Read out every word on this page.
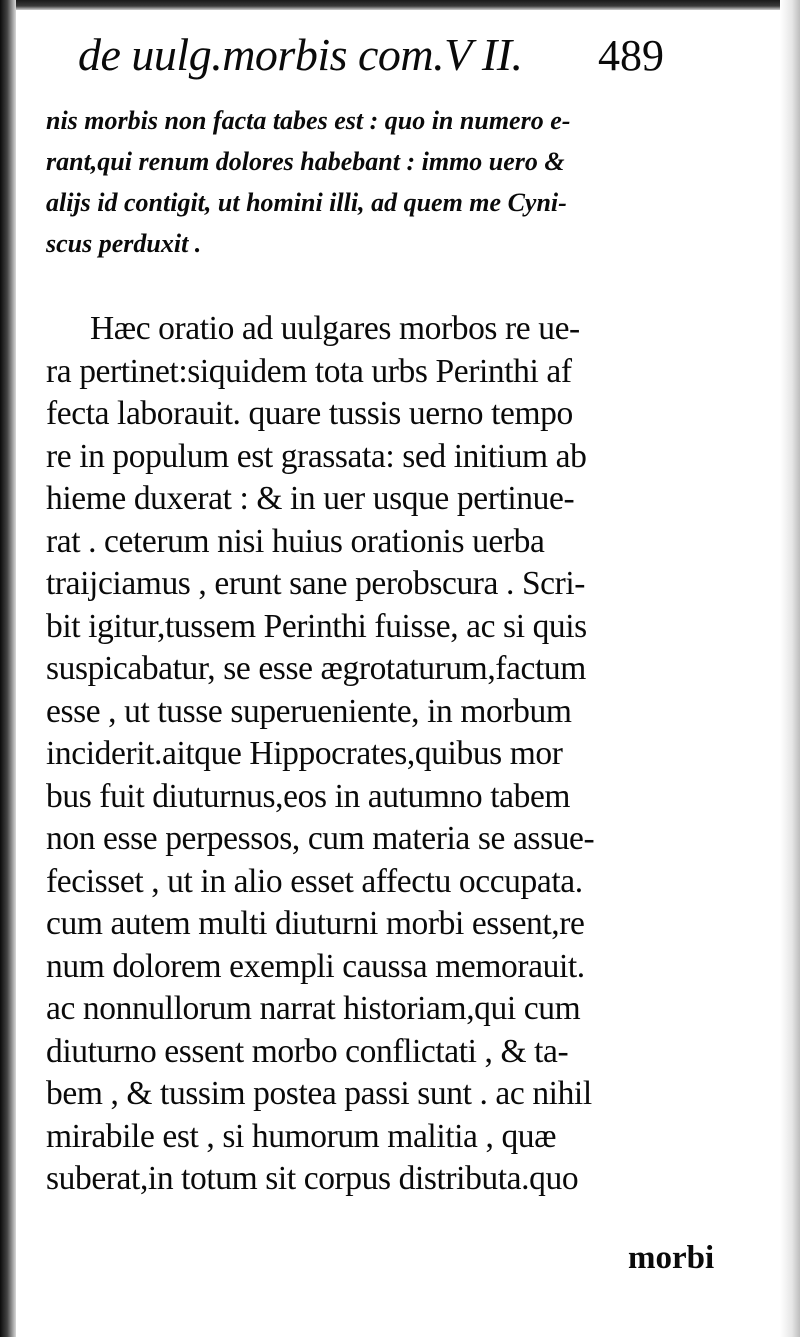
de uulg.morbis com.V II. 489
nis morbis non facta tabes est : quo in numero e-
rant,qui renum dolores habebant : immo uero &
alijs id contigit, ut homini illi, ad quem me Cyni-
scus perduxit .
Hæc oratio ad uulgares morbos re ue-
ra pertinet:siquidem tota urbs Perinthi af
fecta laborauit. quare tussis uerno tempo
re in populum est grassata: sed initium ab
hieme duxerat : & in uer usque pertinue-
rat . ceterum nisi huius orationis uerba
traijciamus , erunt sane perobscura . Scri-
bit igitur,tussem Perinthi fuisse, ac si quis
suspicabatur, se esse ægrotaturum,factum
esse , ut tusse superueniente, in morbum
inciderit.aitque Hippocrates,quibus mor
bus fuit diuturnus,eos in autumno tabem
non esse perpessos, cum materia se assue-
fecisset , ut in alio esset affectu occupata.
cum autem multi diuturni morbi essent,re
num dolorem exempli caussa memorauit.
ac nonnullorum narrat historiam,qui cum
diuturno essent morbo conflictati , & ta-
bem , & tussim postea passi sunt . ac nihil
mirabile est , si humorum malitia , quæ
suberat,in totum sit corpus distributa.quo
morbi
